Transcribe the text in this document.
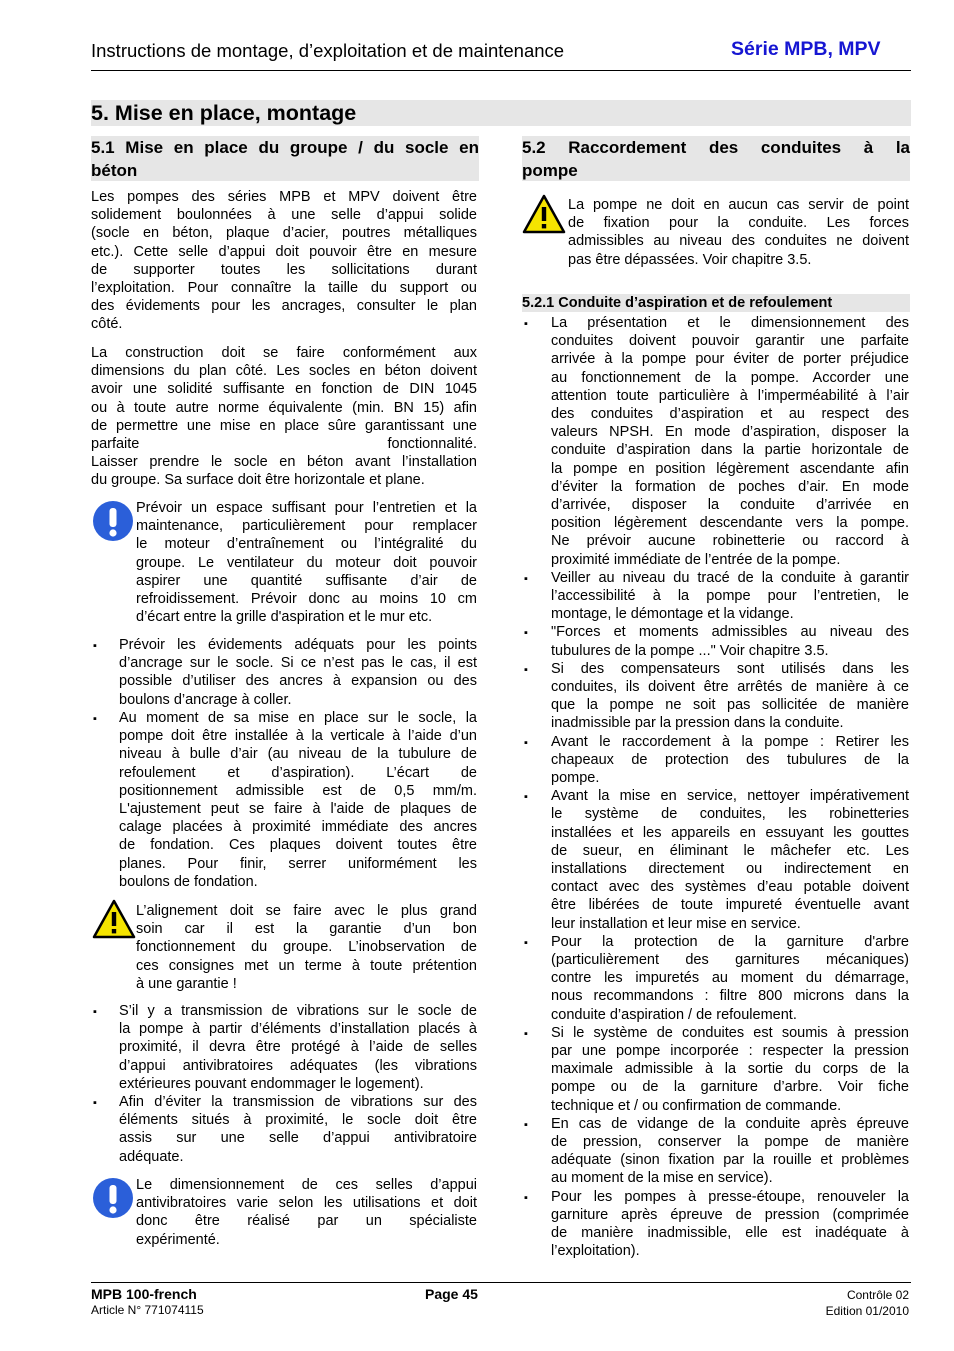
Instructions de montage, d’exploitation et de maintenance	Série MPB, MPV
5. Mise en place, montage
5.1 Mise en place du groupe / du socle en
béton
5.2 Raccordement des conduites à la
pompe
Les pompes des séries MPB et MPV doivent être
solidement boulonnées à une selle d’appui solide
(socle en béton, plaque d’acier, poutres métalliques
etc.). Cette selle d’appui doit pouvoir être en mesure
de supporter toutes les sollicitations durant
l’exploitation. Pour connaître la taille du support ou
des évidements pour les ancrages, consulter le plan
côté.
La construction doit se faire conformément aux
dimensions du plan côté. Les socles en béton doivent
avoir une solidité suffisante en fonction de DIN 1045
ou à toute autre norme équivalente (min. BN 15) afin
de permettre une mise en place sûre garantissant une
parfaite fonctionnalité.
Laisser prendre le socle en béton avant l’installation
du groupe. Sa surface doit être horizontale et plane.
Prévoir un espace suffisant pour l’entretien et la
maintenance, particulièrement pour remplacer
le moteur d’entraînement ou l’intégralité du
groupe. Le ventilateur du moteur doit pouvoir
aspirer une quantité suffisante d’air de
refroidissement. Prévoir donc au moins 10 cm
d’écart entre la grille d'aspiration et le mur etc.
▪ Prévoir les évidements adéquats pour les points
d’ancrage sur le socle. Si ce n’est pas le cas, il est
possible d’utiliser des ancres à expansion ou des
boulons d’ancrage à coller.
▪ Au moment de sa mise en place sur le socle, la
pompe doit être installée à la verticale à l’aide d’un
niveau à bulle d’air (au niveau de la tubulure de
refoulement et d’aspiration). L’écart de
positionnement admissible est de 0,5 mm/m.
L'ajustement peut se faire à l'aide de plaques de
calage placées à proximité immédiate des ancres
de fondation. Ces plaques doivent toutes être
planes. Pour finir, serrer uniformément les
boulons de fondation.
L’alignement doit se faire avec le plus grand
soin car il est la garantie d’un bon
fonctionnement du groupe. L’inobservation de
ces consignes met un terme à toute prétention
à une garantie !
▪ S’il y a transmission de vibrations sur le socle de
la pompe à partir d’éléments d’installation placés à
proximité, il devra être protégé à l’aide de selles
d’appui antivibratoires adéquates (les vibrations
extérieures pouvant endommager le logement).
▪ Afin d’éviter la transmission de vibrations sur des
éléments situés à proximité, le socle doit être
assis sur une selle d’appui antivibratoire
adéquate.
Le dimensionnement de ces selles d’appui
antivibratoires varie selon les utilisations et doit
donc être réalisé par un spécialiste
expérimenté.
La pompe ne doit en aucun cas servir de point
de fixation pour la conduite. Les forces
admissibles au niveau des conduites ne doivent
pas être dépassées. Voir chapitre 3.5.
5.2.1 Conduite d’aspiration et de refoulement
▪ La présentation et le dimensionnement des
conduites doivent pouvoir garantir une parfaite
arrivée à la pompe pour éviter de porter préjudice
au fonctionnement de la pompe. Accorder une
attention toute particulière à l’imperméabilité à l’air
des conduites d’aspiration et au respect des
valeurs NPSH. En mode d’aspiration, disposer la
conduite d’aspiration dans la partie horizontale de
la pompe en position légèrement ascendante afin
d’éviter la formation de poches d’air. En mode
d’arrivée, disposer la conduite d’arrivée en
position légèrement descendante vers la pompe.
Ne prévoir aucune robinetterie ou raccord à
proximité immédiate de l’entrée de la pompe.
▪ Veiller au niveau du tracé de la conduite à garantir
l’accessibilité à la pompe pour l’entretien, le
montage, le démontage et la vidange.
▪ "Forces et moments admissibles au niveau des
tubulures de la pompe ..." Voir chapitre 3.5.
▪ Si des compensateurs sont utilisés dans les
conduites, ils doivent être arrêtés de manière à ce
que la pompe ne soit pas sollicitée de manière
inadmissible par la pression dans la conduite.
▪ Avant le raccordement à la pompe : Retirer les
chapeaux de protection des tubulures de la
pompe.
▪ Avant la mise en service, nettoyer impérativement
le système de conduites, les robinetteries
installées et les appareils en essuyant les gouttes
de sueur, en éliminant le mâchefer etc. Les
installations directement ou indirectement en
contact avec des systèmes d’eau potable doivent
être libérées de toute impureté éventuelle avant
leur installation et leur mise en service.
▪ Pour la protection de la garniture d'arbre
(particulièrement des garnitures mécaniques)
contre les impuretés au moment du démarrage,
nous recommandons : filtre 800 microns dans la
conduite d’aspiration / de refoulement.
▪ Si le système de conduites est soumis à pression
par une pompe incorporée : respecter la pression
maximale admissible à la sortie du corps de la
pompe ou de la garniture d’arbre. Voir fiche
technique et / ou confirmation de commande.
▪ En cas de vidange de la conduite après épreuve
de pression, conserver la pompe de manière
adéquate (sinon fixation par la rouille et problèmes
au moment de la mise en service).
▪ Pour les pompes à presse-étoupe, renouveler la
garniture après épreuve de pression (comprimée
de manière inadmissible, elle est inadéquate à
l’exploitation).
MPB 100-french
Article N° 771074115
Page 45	Contrôle 02
Edition 01/2010
